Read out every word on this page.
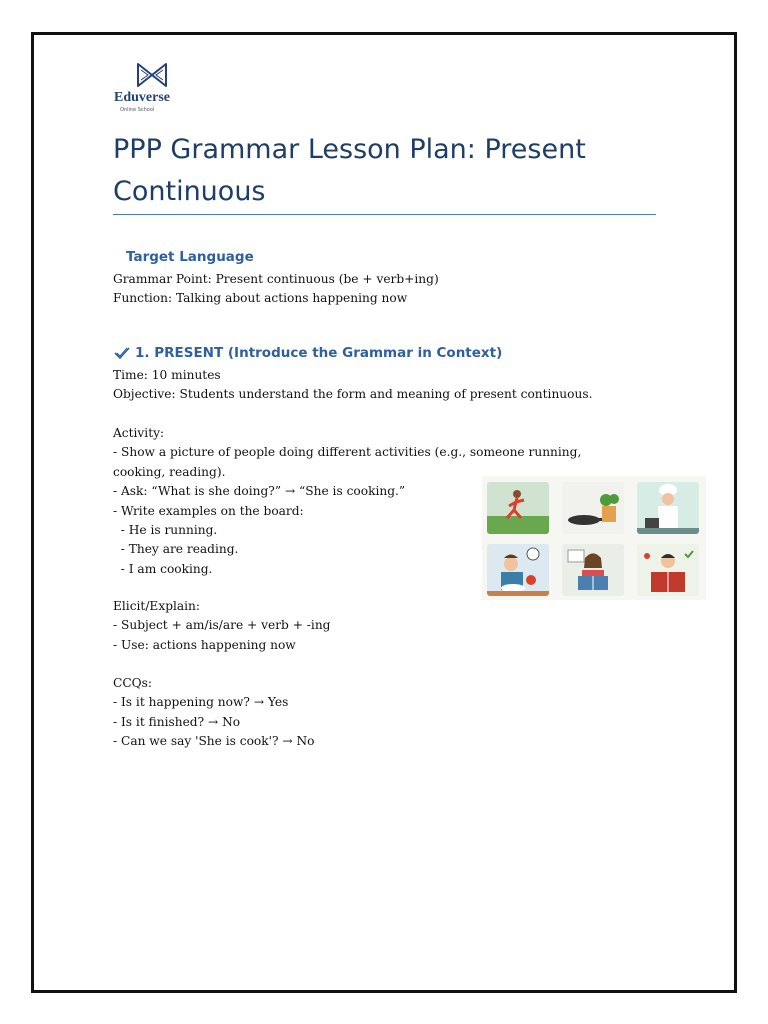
Eduverse
Online School
PPP Grammar Lesson Plan: Present Continuous
Target Language
Grammar Point: Present continuous (be + verb+ing)
Function: Talking about actions happening now
1. PRESENT (Introduce the Grammar in Context)
Time: 10 minutes
Objective: Students understand the form and meaning of present continuous.
Activity:
- Show a picture of people doing different activities (e.g., someone running, cooking, reading).
- Ask: “What is she doing?” → “She is cooking.”
- Write examples on the board:
- He is running.
- They are reading.
- I am cooking.
Elicit/Explain:
- Subject + am/is/are + verb + -ing
- Use: actions happening now
CCQs:
- Is it happening now? → Yes
- Is it finished? → No
- Can we say 'She is cook'? → No
